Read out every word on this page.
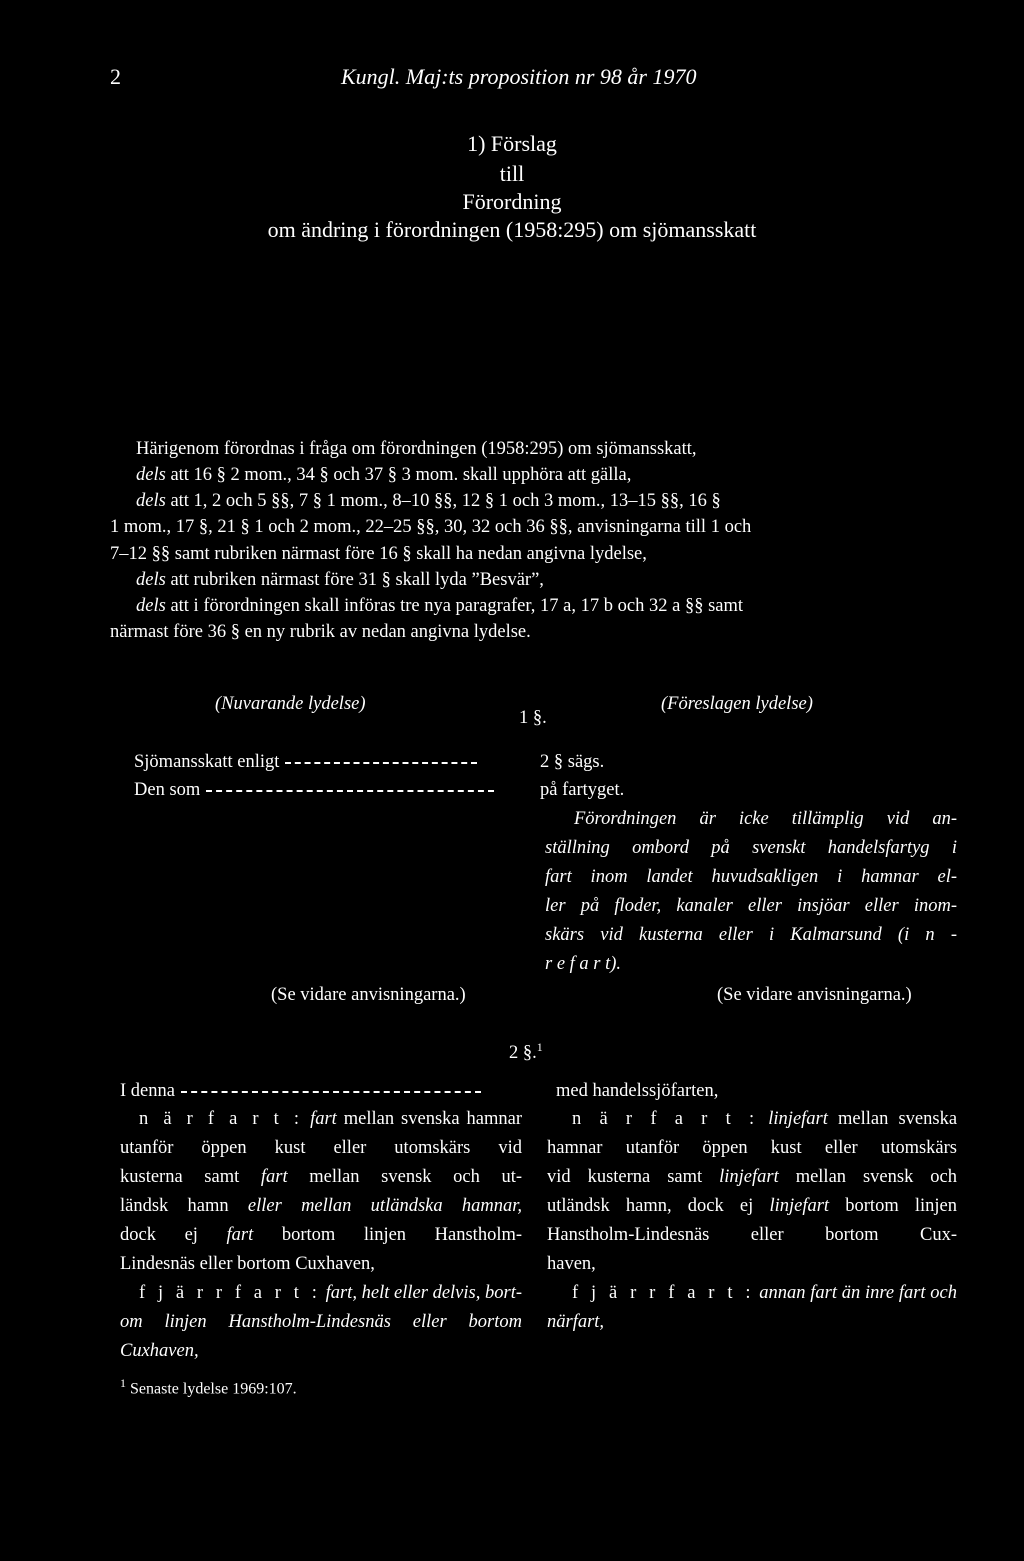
2	Kungl. Maj:ts proposition nr 98 år 1970
1) Förslag
till
Förordning
om ändring i förordningen (1958:295) om sjömansskatt
Härigenom förordnas i fråga om förordningen (1958:295) om sjömansskatt,
dels att 16 § 2 mom., 34 § och 37 § 3 mom. skall upphöra att gälla,
dels att 1, 2 och 5 §§, 7 § 1 mom., 8–10 §§, 12 § 1 och 3 mom., 13–15 §§, 16 §
1 mom., 17 §, 21 § 1 och 2 mom., 22–25 §§, 30, 32 och 36 §§, anvisningarna till 1 och
7–12 §§ samt rubriken närmast före 16 § skall ha nedan angivna lydelse,
dels att rubriken närmast före 31 § skall lyda ”Besvär”,
dels att i förordningen skall införas tre nya paragrafer, 17 a, 17 b och 32 a §§ samt
närmast före 36 § en ny rubrik av nedan angivna lydelse.
(Nuvarande lydelse)
1 §.
(Föreslagen lydelse)
Sjömansskatt enligt
Den som
(Se vidare anvisningarna.)
2 § sägs.
på fartyget.
Förordningen är icke tillämplig vid an-
ställning ombord på svenskt handelsfartyg i
fart inom landet huvudsakligen i hamnar el-
ler på floder, kanaler eller insjöar eller inom-
skärs vid kusterna eller i Kalmarsund (i n -
r e f a r t).
(Se vidare anvisningarna.)
2 §.$^1$
I denna
n ä r f a r t : fart mellan svenska hamnar
utanför öppen kust eller utomskärs vid
kusterna samt fart mellan svensk och ut-
ländsk hamn eller mellan utländska hamnar,
dock ej fart bortom linjen Hanstholm-
Lindesnäs eller bortom Cuxhaven,
f j ä r r f a r t : fart, helt eller delvis, bort-
om linjen Hanstholm-Lindesnäs eller bortom
Cuxhaven,
med handelssjöfarten,
n ä r f a r t : linjefart mellan svenska
hamnar utanför öppen kust eller utomskärs
vid kusterna samt linjefart mellan svensk och
utländsk hamn, dock ej linjefart bortom linjen
Hanstholm-Lindesnäs eller bortom Cux-
haven,
f j ä r r f a r t : annan fart än inre fart och
närfart,
$^1$ Senaste lydelse 1969:107.
